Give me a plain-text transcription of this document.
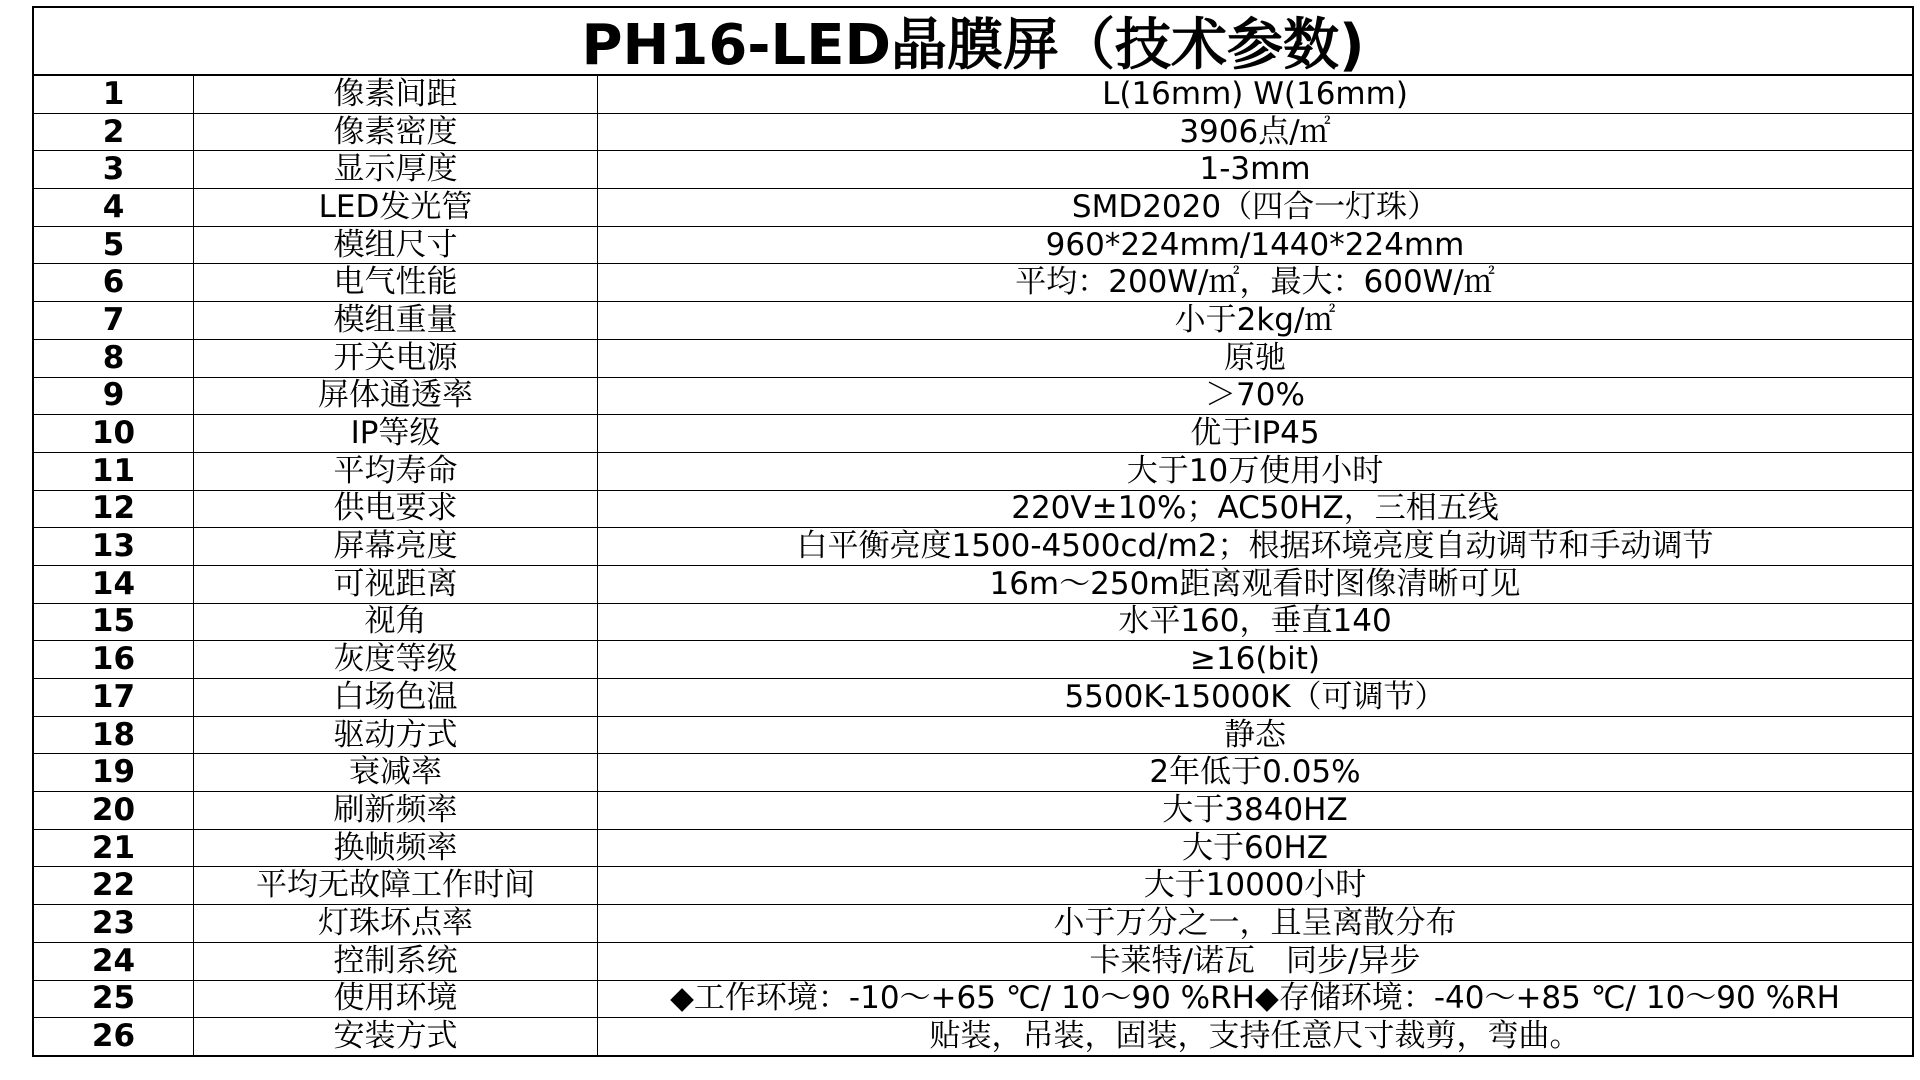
PH16-LED晶膜屏（技术参数)
1	像素间距	L(16mm) W(16mm)
2	像素密度	3906点/㎡
3	显示厚度	1-3mm
4	LED发光管	SMD2020（四合一灯珠）
5	模组尺寸	960*224mm/1440*224mm
6	电气性能	平均：200W/㎡，最大：600W/㎡
7	模组重量	小于2kg/㎡
8	开关电源	原驰
9	屏体通透率	＞70%
10	IP等级	优于IP45
11	平均寿命	大于10万使用小时
12	供电要求	220V±10%；AC50HZ，三相五线
13	屏幕亮度	白平衡亮度1500-4500cd/m2；根据环境亮度自动调节和手动调节
14	可视距离	16m～250m距离观看时图像清晰可见
15	视角	水平160，垂直140
16	灰度等级	≥16(bit)
17	白场色温	5500K-15000K（可调节）
18	驱动方式	静态
19	衰减率	2年低于0.05%
20	刷新频率	大于3840HZ
21	换帧频率	大于60HZ
22	平均无故障工作时间	大于10000小时
23	灯珠坏点率	小于万分之一，且呈离散分布
24	控制系统	卡莱特/诺瓦　同步/异步
25	使用环境	◆工作环境：-10～+65 ℃/ 10～90 %RH◆存储环境：-40～+85 ℃/ 10～90 %RH
26	安装方式	贴装，吊装，固装，支持任意尺寸裁剪，弯曲。
